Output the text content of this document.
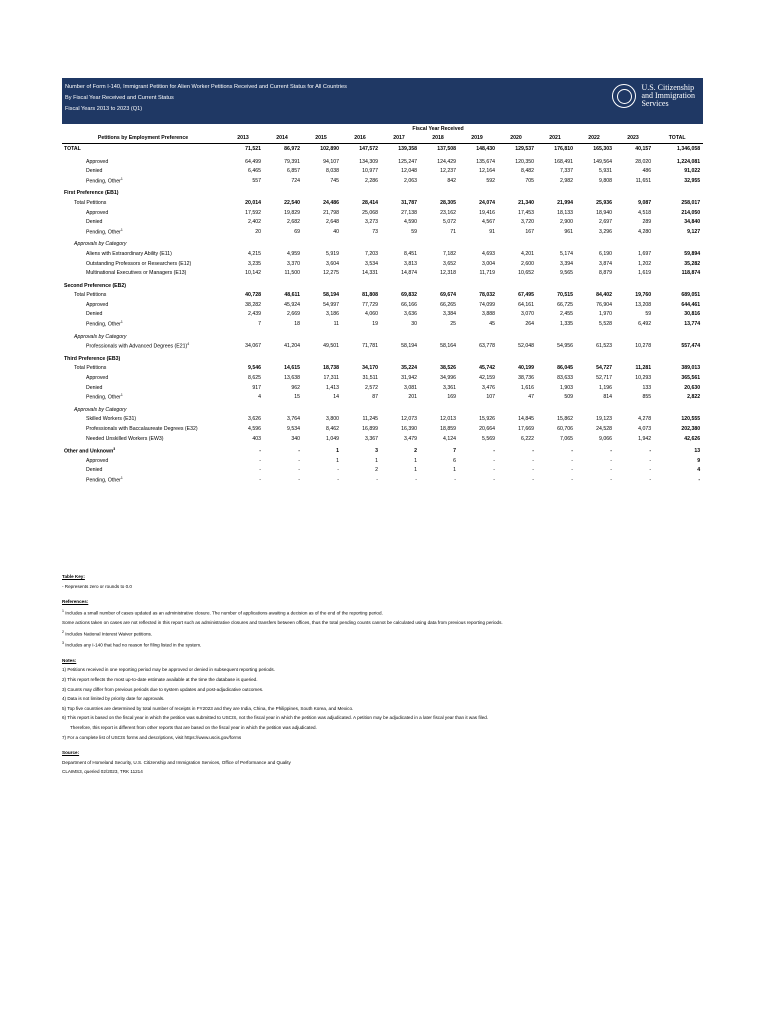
Number of Form I-140, Immigrant Petition for Alien Worker Petitions Received and Current Status for All Countries
By Fiscal Year Received and Current Status
Fiscal Years 2013 to 2023 (Q1)
U.S. Citizenship
and Immigration
Services
	Fiscal Year Received											
Petitions by Employment Preference	2013	2014	2015	2016	2017	2018	2019	2020	2021	2022	2023	TOTAL
TOTAL	71,521	86,972	102,890	147,572	139,358	137,508	148,430	129,537	176,810	165,303	40,157	1,346,058

Approved	64,499	79,391	94,107	134,309	125,247	124,429	135,674	120,350	168,491	149,564	28,020	1,224,081
Denied	6,465	6,857	8,038	10,977	12,048	12,237	12,164	8,482	7,337	5,931	486	91,022
Pending, Other$^1$	557	724	745	2,286	2,063	842	592	705	2,982	9,808	11,651	32,955

First Preference (EB1)												
Total Petitions	20,014	22,540	24,486	28,414	31,787	28,305	24,074	21,340	21,994	25,936	9,087	258,017
Approved	17,592	19,829	21,798	25,068	27,138	23,162	19,416	17,453	18,133	18,940	4,518	214,050
Denied	2,402	2,682	2,648	3,273	4,590	5,072	4,567	3,720	2,900	2,697	289	34,840
Pending, Other$^1$	20	69	40	73	59	71	91	167	961	3,296	4,280	9,127

Approvals by Category												
Aliens with Extraordinary Ability (E11)	4,215	4,959	5,919	7,203	8,451	7,182	4,693	4,201	5,174	6,190	1,697	59,894
Outstanding Professors or Researchers (E12)	3,235	3,370	3,604	3,534	3,813	3,652	3,004	2,600	3,394	3,874	1,202	35,282
Multinational Executives or Managers (E13)	10,142	11,500	12,275	14,331	14,874	12,318	11,719	10,652	9,565	8,879	1,619	118,874

Second Preference (EB2)												
Total Petitions	40,728	48,611	58,194	81,808	69,832	69,674	78,032	67,495	70,515	84,402	19,760	689,051
Approved	38,282	45,924	54,997	77,729	66,166	66,265	74,099	64,161	66,725	76,904	13,208	644,461
Denied	2,439	2,669	3,186	4,060	3,636	3,384	3,888	3,070	2,455	1,970	59	30,816
Pending, Other$^1$	7	18	11	19	30	25	45	264	1,335	5,528	6,492	13,774

Approvals by Category												
Professionals with Advanced Degrees $(E21)^4$	34,067	41,204	49,501	71,781	58,194	58,164	63,778	52,048	54,956	61,523	10,278	557,474

Third Preference (EB3)												
Total Petitions	9,546	14,615	18,738	34,170	35,224	38,526	45,742	40,199	86,045	54,727	11,281	389,013
Approved	8,625	13,638	17,311	31,511	31,942	34,996	42,159	38,736	83,633	52,717	10,293	365,561
Denied	917	962	1,413	2,572	3,081	3,361	3,476	1,616	1,903	1,196	133	20,630
Pending, Other$^1$	4	15	14	87	201	169	107	47	509	814	855	2,822

Approvals by Category												
Skilled Workers (E31)	3,626	3,764	3,800	11,245	12,073	12,013	15,926	14,845	15,862	19,123	4,278	120,555
Professionals with Baccalaureate Degrees (E32)	4,596	9,534	8,462	16,899	16,390	18,859	20,664	17,669	60,706	24,528	4,073	202,380
Needed Unskilled Workers (EW3)	403	340	1,049	3,367	3,479	4,124	5,569	6,222	7,065	9,066	1,942	42,626

Other and Unknown$^3$	-	-	1	3	2	7	-	-	-	-	-	13
Approved	-	-	1	1	1	6	-	-	-	-	-	9
Denied	-	-	-	2	1	1	-	-	-	-	-	4
Pending, Other$^1$	-	-	-	-	-	-	-	-	-	-	-	-
Table Key:
- Represents zero or rounds to 0.0
References:
$^1$ Includes a small number of cases updated as an administrative closure. The number of applications awaiting a decision as of the end of the reporting period.
Some actions taken on cases are not reflected in this report such as administrative closures and transfers between offices, thus the total pending counts cannot be calculated using data from previous reporting periods.
$^2$ Includes National Interest Waiver petitions.
$^3$ Includes any I-140 that had no reason for filing listed in the system.
Notes:
1) Petitions received in one reporting period may be approved or denied in subsequent reporting periods.
2) This report reflects the most up-to-date estimate available at the time the database is queried.
3) Counts may differ from previous periods due to system updates and post-adjudicative outcomes.
4) Data is not limited by priority date for approvals.
5) Top five countries are determined by total number of receipts in FY2023 and they are India, China, the Philippines, South Korea, and Mexico.
6) This report is based on the fiscal year in which the petition was submitted to USCIS, not the fiscal year in which the petition was adjudicated. A petition may be adjudicated in a later fiscal year than it was filed.
Therefore, this report is different from other reports that are based on the fiscal year in which the petition was adjudicated.
7) For a complete list of USCIS forms and descriptions, visit https://www.uscis.gov/forms
Source:
Department of Homeland Security, U.S. Citizenship and Immigration Services, Office of Performance and Quality
CLAIMS3, queried 02/2023, TRK 11214
